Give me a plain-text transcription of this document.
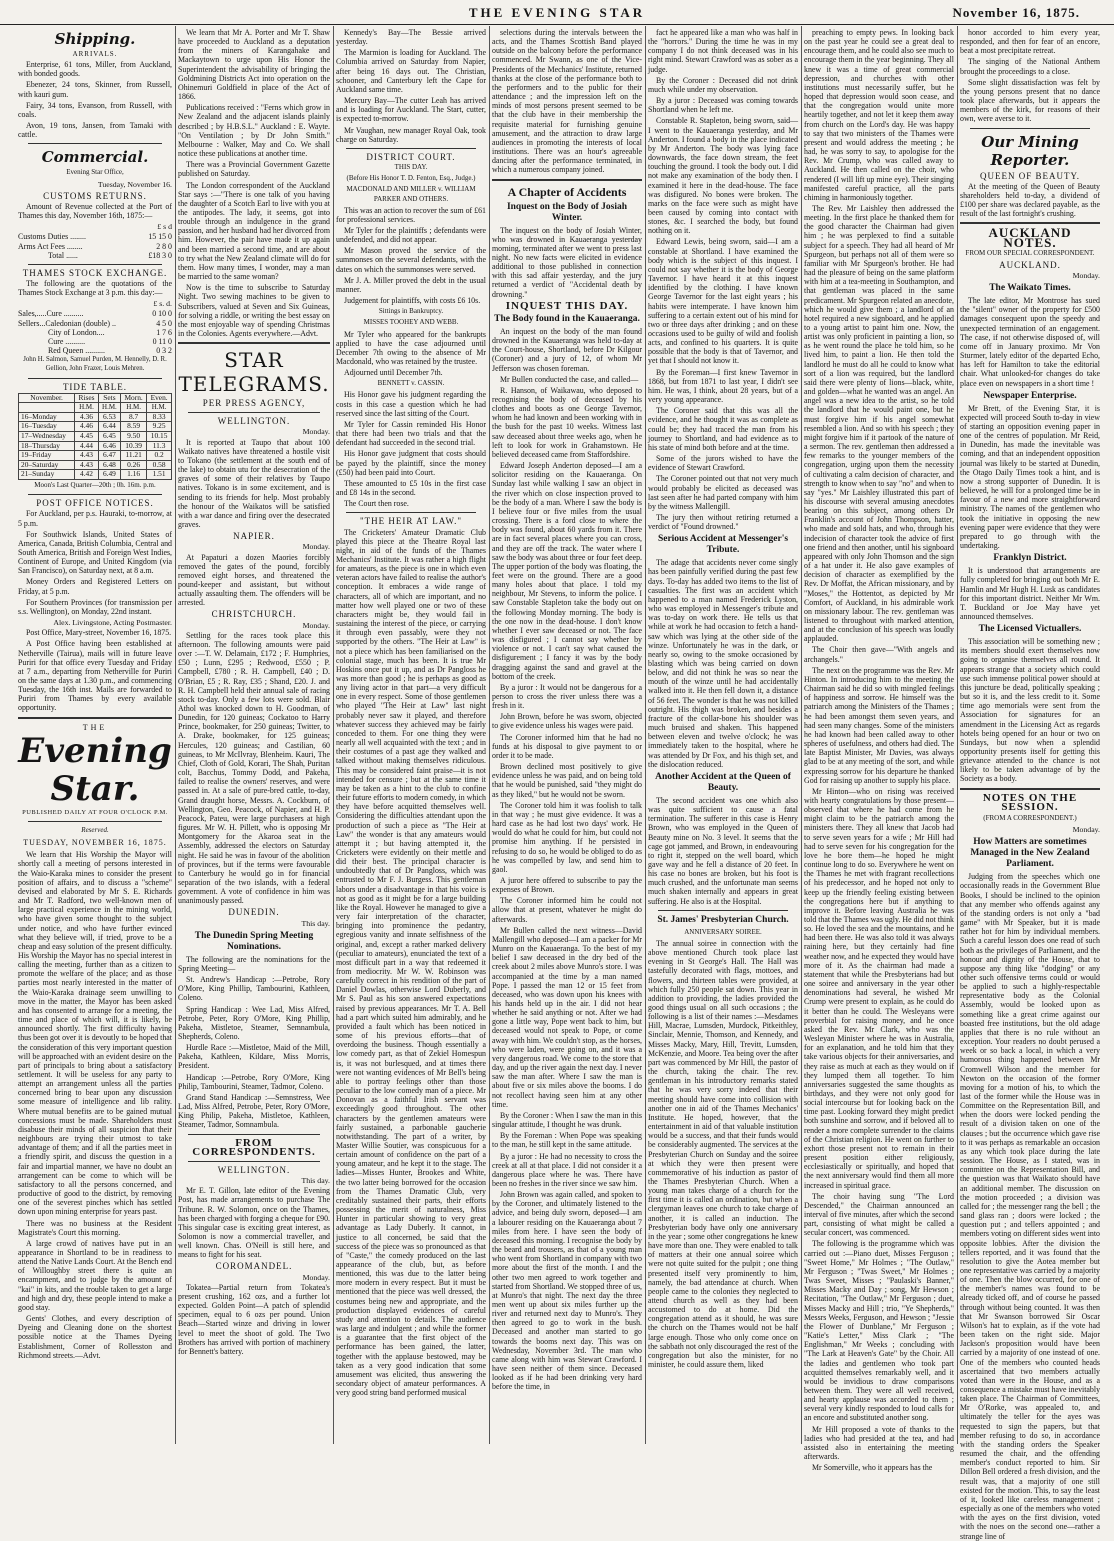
THE EVENING STAR	November 16, 1875.
Shipping.
ARRIVALS.

Enterprise, 61 tons, Miller, from Auckland, with bonded goods.

Ebenezer, 24 tons, Skinner, from Russell, with kauri gum.

Fairy, 34 tons, Evanson, from Russell, with coals.

Avon, 19 tons, Jansen, from Tamaki with cattle.

Commercial.
Evening Star Office,
Tuesday, November 16.
CUSTOMS RETURNS.

Amount of Revenue collected at the Port of Thames this day, November 16th, 1875:—

£ s d
Customs Duties ........	15 15 0
Arms Act Fees ........	2 8 0
Total ......	£18 3 0
THAMES STOCK EXCHANGE.

The following are the quotations of the Thames Stock Exchange at 3 p.m. this day:—

£ s. d.
Sales,.....Cure ..........	0 10 0
Sellers...Caledonian (double) ..	4 5 0
City of London....	1 7 6
Cure ..........	0 11 0
Red Queen ..........	0 3 2

John H. Salmon, Samuel Purden, M. Hennelly, D. R. Gellion, John Frazer, Louis Mehren.

TIDE TABLE.
November.	Rises	Sets	Morn.	Even.
	H.M.	H.M.	H.M.	H.M.
16–Monday	4.36	6.53	8.7	8.33
16–Tuesday	4.46	6.44	8.59	9.25
17–Wednesday	4.45	6.45	9.50	10.15
18–Thursday	4.44	6.46	10.39	11.3
19–Friday	4.43	6.47	11.21	0.2
20–Saturday	4.43	6.48	0.26	0.58
21–Sunday	4.42	6.49	1.16	1.51
Moon's Last Quarter—20th ; 0h. 16m. p.m.
POST OFFICE NOTICES.

For Auckland, per p.s. Hauraki, to-morrow, at 5 p.m.

For Southwick Islands, United States of America, Canada, British Columbia, Central and South America, British and Foreign West Indies, Continent of Europe, and United Kingdom (via San Francisco), on Saturday next, at 8 a.m.

Money Orders and Registered Letters on Friday, at 5 p.m.

For Southern Provinces (for transmission per s.s. Wellington), on Monday, 22nd instant.

Alex. Livingstone, Acting Postmaster.

Post Office, Mary-street, November 16, 1875.

A Post Office having been established at Netherville (Tairua), mails will in future leave Puriri for that office every Tuesday and Friday at 7 a.m., departing from Netherville for Puriri on the same days at 1.30 p.m., and commencing Tuesday, the 16th inst. Mails are forwarded to Puriri from Thames by every available opportunity.

THE
Evening Star.
PUBLISHED DAILY AT FOUR O'CLOCK P.M.
Reserved.
TUESDAY, NOVEMBER 16, 1875.

We learn that His Worship the Mayor will shortly call a meeting of persons interested in the Waio-Karaka mines to consider the present position of affairs, and to discuss a "scheme" devised and elaborated by Mr S. E. Richards and Mr T. Radford, two well-known men of large practical experience in the mining world, who have given some thought to the subject under notice, and who have further evinced what they believe will, if tried, prove to be a cheap and easy solution of the present difficulty. His Worship the Mayor has no special interest in calling the meeting, further than as a citizen to promote the welfare of the place; and as those parties most nearly interested in the matter of the Waio-Karaka drainage seem unwilling to move in the matter, the Mayor has been asked and has consented to arrange for a meeting, the time and place of which will, it is likely, be announced shortly. The first difficulty having thus been got over it is devoutly to be hoped that the consideration of this very important question will be approached with an evident desire on the part of principals to bring about a satisfactory settlement. It will be useless for any party to attempt an arrangement unless all the parties concerned bring to bear upon any discussion some measure of intelligence and lib rality. Where mutual benefits are to be gained mutual concessions must be made. Shareholders must disabuse their minds of all suspicion that their neighbours are trying their utmost to take advantage of them; and if all the parties meet in a friendly spirit, and discuss the question in a fair and impartial manner, we have no doubt an arrangement can be come to which will be satisfactory to all the persons concerned, and productive of good to the district, by removing one of the severest pinches which has settled down upon mining enterprise for years past.

There was no business at the Resident Magistrate's Court this morning.

A large crowd of natives have put in an appearance in Shortland to be in readiness to attend the Native Lands Court. At the Bench end of Willoughby street there is quite an encampment, and to judge by the amount of "kai" in kits, and the trouble taken to get a large and high and dry, these people intend to make a good stay.

Gents' Clothes, and every description of Dyeing and Cleaning done on the shortest possible notice at the Thames Dyeing Establishment, Corner of Rollesston and Richmond streets.—Advt.

We learn that Mr A. Porter and Mr T. Shaw have proceeded to Auckland as a deputation from the miners of Karangahake and Mackaytown to urge upon His Honor the Superintendent the advisability of bringing the Goldmining Districts Act into operation on the Ohinemuri Goldfield in place of the Act of 1866.

Publications received : "Ferns which grow in New Zealand and the adjacent islands plainly described ; by H.B.S.L." Auckland : E. Wayte. "On Ventilation ; by Dr John Smith." Melbourne : Walker, May and Co. We shall notice these publications at another time.

There was a Provincial Government Gazette published on Saturday.

The London correspondent of the Auckland Star says :—"There is one talk of you having the daughter of a Scotch Earl to live with you at the antipodes. The lady, it seems, got into trouble through an indulgence in the grand passion, and her husband had her divorced from him. However, the pair have made it up again and been married a second time, and are about to try what the New Zealand climate will do for them. How many times, I wonder, may a man be married to the same woman?

Now is the time to subscribe to Saturday Night. Two sewing machines to be given to Subscribers, valued at Seven and Six Guineas, for solving a riddle, or writing the best essay on the most enjoyable way of spending Christmas in the Colonies. Agents everywhere.—Advt.

STAR TELEGRAMS.
PER PRESS AGENCY,
WELLINGTON.
Monday.

It is reported at Taupo that about 100 Waikato natives have threatened a hostile visit to Tokano (the settlement at the south end of the lake) to obtain utu for the desecration of the graves of some of their relatives by Taupo natives. Tokano is in some excitement, and is sending to its friends for help. Most probably the honour of the Waikatos will be satisfied with a war dance and firing over the desecrated graves.

NAPIER.
Monday.

At Papaturi a dozen Maories forcibly removed the gates of the pound, forcibly removed eight horses, and threatened the pound-keeper and assistant, but without actually assaulting them. The offenders will be arrested.

CHRISTCHURCH.
Monday.

Settling for the races took place this afternoon. The following amounts were paid over :—T. W. Delamain, £172 ; F. Humphries, £50 ; Lunn, £295 ; Redwood, £550 ; P. Campbell, £780 ; R. H. Campbell, £40 ; D. O'Brian, £5 ; R. Ray, £35 ; Shand, £20. J. and R. H. Campbell held their annual sale of racing stock to-day. Only a few lots were sold. Blair Athol was knocked down to H. Goodman, of Dunedin, for 120 guineas; Cockatoo to Harry Prince, bookmaker, for 250 guineas; Twitter, to A. Drake, bookmaker, for 125 guineas; Hercules, 120 guineas; and Castilian, 60 guineas, to Mr McIlvray, Blenheim. Kauri, The Chief, Cloth of Gold, Korari, The Shah, Puritan colt, Bacchus, Tommy Dodd, and Pakeha, failed to realise the owners' reserves, and were passed in. At a sale of pure-bred cattle, to-day, Grand draught horse, Messrs. A. Cockburn, of Wellington, Geo. Peacock, of Napier, and H. P. Peacock, Pateu, were large purchasers at high figures. Mr W. H. Pillett, who is opposing Mr Montgomery for the Akaroa seat in the Assembly, addressed the electors on Saturday night. He said he was in favour of the abolition of provinces, but if the terms were favourable to Canterbury he would go in for financial separation of the two islands, with a federal government. A vote of confidence in him was unanimously passed.

DUNEDIN.
This day.
The Dunedin Spring Meeting Nominations.

The following are the nominations for the Spring Meeting—

St. Andrew's Handicap :—Petrobe, Rory O'More, King Phillip, Tambourini, Kathleen, Coleno.

Spring Handicap : Wee Lad, Miss Alfred, Petrobe, Peter, Rory O'More, King Phillip, Pakeha, Mistletoe, Steamer, Semnambula, Shepherds, Coleno.

Hurdle Race :—Mistletoe, Maid of the Mill, Pakeha, Kathleen, Kildare, Miss Morris, President.

Handicap :—Petrobe, Rory O'More, King Philip, Tambourini, Steamer, Tadmor, Coleno.

Grand Stand Handicap :—Semnstress, Wee Lad, Miss Alfred, Petrobe, Peter, Rory O'More, King Philip, Pakeha, Mistletoe, Kathleen, Steamer, Tadmor, Somnambula.

FROM CORRESPONDENTS.
WELLINGTON.
This day.

Mr E. T. Gillon, late editor of the Evening Post, has made arrangements to purchase The Tribune. R. W. Solomon, once on the Thames, has been charged with forging a cheque for £90. This singular case is exciting great interest, as Solomon is now a commercial traveller, and well known. Chas. O'Neill is still here, and means to fight for his seat.

COROMANDEL.
Monday.

Tokatea—Partial return from Tokatea's present crushing, 162 ozs, and a further lot expected. Golden Point—A patch of splendid specimen, equal to 6 ozs per pound. Union Beach—Started winze and driving in lower level to meet the shoot of gold. The Two Brothers has arrived with portion of machinery for Bennett's battery.

Kennedy's Bay—The Bessie arrived yesterday.

The Marmion is loading for Auckland. The Columbia arrived on Saturday from Napier, after being 16 days out. The Christian, schooner, and Canterbury left the Cape for Auckland same time.

Mercury Bay—The cutter Leah has arrived and is loading for Auckland. The Start, cutter, is expected to-morrow.

Mr Vaughan, new manager Royal Oak, took charge on Saturday.

DISTRICT COURT.
THIS DAY.
(Before His Honor T. D. Fenton, Esq., Judge.)
MACDONALD AND MILLER v. WILLIAM PARKER AND OTHERS.

This was an action to recover the sum of £61 for professional services.

Mr Tyler for the plaintiffs ; defendants were undefended, and did not appear.

Mr Mason proved the service of the summonses on the several defendants, with the dates on which the summonses were served.

Mr J. A. Miller proved the debt in the usual manner.

Judgement for plaintiffs, with costs £6 10s.

Sittings in Bankruptcy.
MISSES TOOHEY AND WEBB.

Mr Tyler who appeared for the bankrupts applied to have the case adjourned until December 7th owing to the absence of Mr Macdonald, who was retained by the trustee.

Adjourned until December 7th.

BENNETT v. CASSIN.

His Honor gave his judgment regarding the costs in this case a question which he had reserved since the last sitting of the Court.

Mr Tyler for Cassin reminded His Honor that there had been two trials and that the defendant had succeeded in the second trial.

His Honor gave judgment that costs should be payed by the plaintiff, since the money (£50) had been paid into Court.

These amounted to £5 10s in the first case and £8 14s in the second.

The Court then rose.

"THE HEIR AT LAW."

The Cricketers' Amateur Dramatic Club played this piece at the Theatre Royal last night, in aid of the funds of the Thames Mechanics' Institute. It was rather a high flight for amateurs, as the piece is one in which even veteran actors have failed to realise the author's conception. It embraces a wide range of characters, all of which are important, and no matter how well played one or two of these characters might be, they would fail in sustaining the interest of the piece, or carrying it through even passably, were they not supported by the others. "The Heir at Law" is not a piece which has been familiarised on the colonial stage, much has been. It is true Mr Hoskins once put it up, and as Dr Pangloss he was more than good ; he is perhaps as good as any living actor in that part—a very difficult one in every respect. Some of those gentlemen who played "The Heir at Law" last night probably never saw it played, and therefore whatever success they achieved may be fairly conceded to them. For one thing they were nearly all well acquainted with the text ; and in their costumes of a past age they walked and talked without making themselves ridiculous. This may be considered faint praise—it is not intended for censure ; but at the same time it may be taken as a hint to the club to confine their future efforts to modern comedy, in which they have before acquitted themselves well. Considering the difficulties attendant upon the production of such a piece as "The Heir at Law" the wonder is that any amateurs would attempt it ; but having attempted it, the Cricketers were evidently on their mettle and did their best. The principal character is undoubtedly that of Dr Pangloss, which was entrusted to Mr F. J. Burgess. This gentleman labors under a disadvantage in that his voice is not as good as it might be for a large building like the Royal. However he managed to give a very fair interpretation of the character, bringing into prominence the pedantry, egregious vanity and innate selfishness of the original, and, except a rather marked delivery (peculiar to amateurs), enunciated the text of a most difficult part in a way that redeemed it from mediocrity. Mr W. W. Robinson was carefully correct in his rendition of the part of Daniel Dowlas, otherwise Lord Duberly, and Mr S. Paul as his son answered expectations raised by previous appearances. Mr T. A. Bell had a part which suited him admirably, and he provided a fault which has been noticed in some of his previous efforts—that of overdoing the business. Though essentially a low comedy part, as that of Zekiel Homespun is, it was not burlesqued, and at times there were not wanting evidences of Mr Bell's being able to portray feelings other than those peculiar to the low comedy man of a piece. Mr Donovan as a faithful Irish servant was exceedingly good throughout. The other characters by the gentlemen amateurs were fairly sustained, a parbonable gaucherie notwithstanding. The part of a writer, by Master Willie Soutier, was conspicuous for a certain amount of confidence on the part of a young amateur, and he kept it to the stage. The ladies—Misses Hunter, Brookes and White, the two latter being borrowed for the occasion from the Thames Dramatic Club, very creditably sustained their parts, their efforts possessing the merit of naturalness, Miss Hunter in particular showing to very great advantage as Lady Duberly. It cannot, in justice to all concerned, be said that the success of the piece was so pronounced as that of "Caste," the comedy produced on the last appearance of the club, but, as before mentioned, this was due to the latter being more modern in every respect. But it must be mentioned that the piece was well dressed, the costumes being new and appropriate, and the production displayed evidences of careful study and attention to details. The audience was large and indulgent ; and while the former is a guarantee that the first object of the performance has been gained, the latter, together with the applause bestowed, may be taken as a very good indication that some amusement was elicited, thus answering the secondary object of amateur performances. A very good string band performed musical

selections during the intervals between the acts, and the Thames Scottish Band played outside on the balcony before the performance commenced. Mr Swann, as one of the Vice-Presidents of the Mechanics' Institute, returned thanks at the close of the performance both to the performers and to the public for their attendance ; and the impression left on the minds of most persons present seemed to be that the club have in their membership the requisite material for furnishing genuine amusement, and the attraction to draw large audiences in promoting the interests of local institutions. There was an hour's agreeable dancing after the performance terminated, in which a numerous company joined.

A Chapter of Accidents
Inquest on the Body of Josiah Winter.

The inquest on the body of Josiah Winter, who was drowned in Kauaeranga yesterday morning, terminated after we went to press last night. No new facts were elicited in evidence additional to those published in connection with this sad affair yesterday, and the jury returned a verdict of "Accidental death by drowning."

INQUEST THIS DAY.
The Body found in the Kauaeranga.

An inquest on the body of the man found drowned in the Kauaeranga was held to-day at the Court-house, Shortland, before Dr Kilgour (Coroner) and a jury of 12, of whom Mr Jefferson was chosen foreman.

Mr Bullen conducted the case, and called—

R. Hanson, of Waikawau, who deposed to recognising the body of deceased by his clothes and boots as one George Tavernor, whom he had known and been working with in the bush for the past 10 weeks. Witness last saw deceased about three weeks ago, when he left to look for work in Grahamstown. He believed deceased came from Staffordshire.

Edward Joseph Anderton deposed—I am a solicitor residing on the Kauaeranga. On Sunday last while walking I saw an object in the river which on close inspection proved to be the body of a man. Where I saw the body is I believe four or five miles from the usual crossing. There is a ford close to where the body was found, about 60 yards from it. There are in fact several places where you can cross, and they are off the track. The water where I saw the body was about three or four feet deep. The upper portion of the body was floating, the feet were on the ground. There are a good many holes about that place. I told my neighbour, Mr Stevens, to inform the police. I saw Constable Stapleton take the body out on the following Monday morning. The body is the one now in the dead-house. I don't know whether I ever saw deceased or not. The face was disfigured ; I cannot say whether by violence or not. I can't say what caused the disfigurement ; I fancy it was by the body dragging against the sand and gravel at the bottom of the creek.

By a juror : It would not be dangerous for a person to cross the river unless there was a fresh in it.

John Brown, before he was sworn, objected to give evidence unless his wages were paid.

The Coroner informed him that he had no funds at his disposal to give payment to or order it to be made.

Brown declined most positively to give evidence unless he was paid, and on being told that he would be punished, said "they might do as they liked," but he would not be sworn.

The Coroner told him it was foolish to talk in that way ; he must give evidence. It was a hard case as he had lost two days' work. He would do what he could for him, but could not promise him anything. If he persisted in refusing to do so, he would be obliged to do as he was compelled by law, and send him to gaol.

A juror here offered to subscribe to pay the expenses of Brown.

The Coroner informed him he could not allow that at present, whatever he might do afterwards.

Mr Bullen called the next witness—David Mallengill who deposed—I am a packer for Mr Munro on the Kauaeranga. To the best of my belief I saw deceased in the dry bed of the creek about 2 miles above Munro's store. I was accompanied at the time by a man named Pope. I passed the man 12 or 15 feet from deceased, who was down upon his knees with his hands held up in the air. I did not hear whether he said anything or not. After we had gone a little way, Pope went back to him, but deceased would not speak to Pope, or come away with him. We couldn't stop, as the horses, who were laden, were going on, and it was a very dangerous road. We come to the store that day, and up the river again the next day. I never saw the man after. Where I saw the man is about five or six miles above the booms. I do not recollect having seen him at any other time.

By the Coroner : When I saw the man in this singular attitude, I thought he was drunk.

By the Foreman : When Pope was speaking to the man, he still kept in the same attitude.

By a juror : He had no necessity to cross the creek at all at that place. I did not consider it a dangerous place where he was. There have been no freshes in the river since we saw him.

John Brown was again called, and spoken to by the Coroner, and ultimately listened to the advice, and being duly sworn, deposed—I am a labourer residing on the Kauaeranga about 7 miles from here. I have seen the body of deceased this morning. I recognise the body by the beard and trousers, as that of a young man who went from Shortland in company with two more about the first of the month. I and the other two men agreed to work together and started from Shortland. We stopped three of us, at Munro's that night. The next day the three men went up about six miles further up the river and returned next day to Munro's. They then agreed to go to work in the bush. Deceased and another man started to go towards the booms next day. This was on Wednesday, November 3rd. The man who came along with him was Stewart Crawford. I have seen neither of them since. Deceased looked as if he had been drinking very hard before the time, in

fact he appeared like a man who was half in the "horrors." During the time he was in my company I do not think deceased was in his right mind. Stewart Crawford was as sober as a judge.

By the Coroner : Deceased did not drink much while under my observation.

By a juror : Deceased was coming towards Shortland when he left me.

Constable R. Stapleton, being sworn, said—I went to the Kauaeranga yesterday, and Mr Anderton. I found a body in the place indicated by Mr Anderton. The body was lying face downwards, the face down stream, the feet touching the ground. I took the body out. I did not make any examination of the body then. I examined it here in the dead-house. The face was disfigured. No bones were broken. The marks on the face were such as might have been caused by coming into contact with stones, &c. I searched the body, but found nothing on it.

Edward Lewis, being sworn, said—I am a constable at Shortland. I have examined the body which is the subject of this inquest. I could not say whether it is the body of George Tavernor. I have heard it at this inquest identified by the clothing. I have known George Tavernor for the last eight years ; his habits were intemperate. I have known him suffering to a certain extent out of his mind for two or three days after drinking ; and on these occasions used to be guilty of wild and foolish acts, and confined to his quarters. It is quite possible that the body is that of Tavernor, and yet that I should not know it.

By the Foreman—I first knew Tavernor in 1868, but from 1871 to last year, I didn't see him. He was, I think, about 28 years, but of a very young appearance.

The Coroner said that this was all the evidence, and he thought it was as complete as could be; they had traced the man from his journey to Shortland, and had evidence as to his state of mind both before and at the time.

Some of the jurors wished to have the evidence of Stewart Crawford.

The Coroner pointed out that not very much would probably be elicited as deceased was last seen after he had parted company with him by the witness Mallengill.

The jury then without retiring returned a verdict of "Found drowned."

Serious Accident at Messenger's Tribute.

The adage that accidents never come singly has been painfully verified during the past few days. To-day has added two items to the list of casualties. The first was an accident which happened to a man named Frederick Lyston, who was employed in Messenger's tribute and was to-day on work there. He tells us that while at work he had occasion to fetch a hand-saw which was lying at the other side of the winze. Unfortunately he was in the dark, or nearly so, owing to the smoke occasioned by blasting which was being carried on down below, and did not think he was so near the mouth of the winze until he had accidentally walked into it. He then fell down it, a distance of 56 feet. The wonder is that he was not killed outright. His thigh was broken, and besides a fracture of the collar-bone his shoulder was much bruised and shaken. This happened between eleven and twelve o'clock; he was immediately taken to the hospital, where he was attended by Dr Fox, and his thigh set, and the dislocation reduced.

Another Accident at the Queen of Beauty.

The second accident was one which also was quite sufficient to cause a fatal termination. The sufferer in this case is Henry Brown, who was employed in the Queen of Beauty mine on No. 3 level. It seems that the cage got jammed, and Brown, in endeavouring to right it, stepped on the well board, which gave way and he fell a distance of 20 feet. In his case no bones are broken, but his foot is much crushed, and the unfortunate man seems much shaken internally and appears in great suffering. He also is at the Hospital.

St. James' Presbyterian Church.
ANNIVERSARY SOIREE.

The annual soiree in connection with the above mentioned Church took place last evening in St George's Hall. The Hall was tastefully decorated with flags, mottoes, and flowers, and thirteen tables were provided, at which fully 250 people sat down. This year in addition to providing, the ladies provided the good things usual on all such occasions ; the following is a list of their names :—Mesdames Hill, Macrae, Lumsden, Murdock, Pitkeithley, Sinclair, Mennie, Thomson, and Kennedy, and Misses Macky, Mary, Hill, Trevitt, Lumsden, McKenzie, and Moore. Tea being over the after part was commenced by Mr Hill, the pastor of the church, taking the chair. The rev. gentleman in his introductory remarks stated that he was very sorry indeed that their meeting should have come into collision with another one in aid of the Thames Mechanics' Institute. He hoped, however, that the entertainment in aid of that valuable institution would be a success, and that their funds would be considerably augmented. The services at the Presbyterian Church on Sunday and the soiree at which they were then present were commemorative of his induction as pastor of the Thames Presbyterian Church. When a young man takes charge of a church for the first time it is called an ordination, but when a clergyman leaves one church to take charge of another, it is called an induction. The Presbyterian body have only one anniversary in the year ; some other congregations he knew have more than one. They were enabled to talk of matters at their one annual soiree which were not quite suited for the pulpit ; one thing presented itself very prominently to him, namely, the bad attendance at church. When people came to the colonies they neglected to attend church as well as they had been accustomed to do at home. Did the congregation attend as it should, he was sure the church on the Thames would not be half large enough. Those who only come once on the sabbath not only discouraged the rest of the congregation but also the minister, for no minister, he could assure them, liked

preaching to empty pews. In looking back on the past year he could see a great deal to encourage them, and he could also see much to encourage them in the year beginning. They all knew it was a time of great commercial depression, and churches with other institutions must necessarily suffer, but he hoped that depression would soon cease, and that the congregation would unite more heartily together, and not let it keep them away from church on the Lord's day. He was happy to say that two ministers of the Thames were present and would address the meeting ; he had, he was sorry to say, to apologise for the Rev. Mr Crump, who was called away to Auckland. He then called on the choir, who rendered (I will lift up mine eye). Their singing manifested careful practice, all the parts chiming in harmoniously together.

The Rev. Mr Laishley then addressed the meeting. In the first place he thanked them for the good character the Chairman had given him ; he was perplexed to find a suitable subject for a speech. They had all heard of Mr Spurgeon, but perhaps not all of them were so familiar with Mr Spurgeon's brother. He had had the pleasure of being on the same platform with him at a tea-meeting in Southampton, and that gentleman was placed in the same predicament. Mr Spurgeon related an anecdote, which he would give them ; a landlord of an hotel required a new signboard, and he applied to a young artist to paint him one. Now, the artist was only proficient in painting a lion, so as he went round the place he told him, so he lived him, to paint a lion. He then told the landlord he must do all he could to know what sort of a lion was required, but the landlord said there were plenty of lions—black, white, and golden—what he wanted was an angel. An angel was a new idea to the artist, so he told the landlord that he would paint one, but he must forgive him if his angel somewhat resembled a lion. And so with his speech ; they might forgive him if it partook of the nature of a sermon. The rev. gentleman then addressed a few remarks to the younger members of the congregation, urging upon them the necessity of cultivating a calm decision of character, and strength to know when to say "no" and when to say "yes." Mr Laishley illustrated this part of his discourse with several amusing anecdotes bearing on this subject, among others Dr Franklin's account of John Thompson, hatter, who made and sold hats, and who, through his indecision of character took the advice of first one friend and then another, until his signboard appeared with only John Thomson and the sign of a hat under it. He also gave examples of decision of character as exemplified by the Rev. Dr Moffat, the African missionary, and by "Moses," the Hottentot, as depicted by Mr Comfort, of Auckland, in his admirable work on missionary labour. The rev. gentleman was listened to throughout with marked attention, and at the conclusion of his speech was loudly applauded.

The Choir then gave—"With angels and archangels."

The next on the programme was the Rev. Mr Hinton. In introducing him to the meeting the Chairman said he did so with mingled feelings of happiness and sorrow. He himself was the patriarch among the Ministers of the Thames ; he had been amongst them seven years, and had seen many changes. Some of the ministers he had known had been called away to other spheres of usefulness, and others had died. The late Baptist Minister, Mr Davies, was always glad to be at any meeting of the sort, and while expressing sorrow for his departure he thanked God for raising up another to supply his place.

Mr Hinton—who on rising was received with hearty congratulations by those present—observed that where he had come from he might claim to be the patriarch among the ministers there. They all knew that Jacob had to serve seven years for a wife ; Mr Hill had had to serve seven for his congregation for the love he bore them—he hoped he might continue long to do so. Everywhere he went on the Thames he met with fragrant recollections of his predecessor, and he hoped not only to keep up the friendly feeling existing between the congregations here but if anything to improve it. Before leaving Australia he was told that the Thames was ugly. He did not think so. He loved the sea and the mountains, and he had been there. He was also told it was always raining here, but they certainly had fine weather now, and he expected they would have more of it. As the chairman had made a statement that while the Presbyterians had but one soiree and anniversary in the year other denominations had several, he wished Mr Crump were present to explain, as he could do it better than he could. The Wesleyans were proverbial for raising money, and he once asked the Rev. Mr Clark, who was the Wesleyan Minister where he was in Australia, for an explanation, and he told him that they take various objects for their anniversaries, and they raise as much at each as they would on if they lumped them all together. To him anniversaries suggested the same thoughts as birthdays, and they were not only good for social intercourse but for looking back on the time past. Looking forward they might predict both sunshine and sorrow, and if beloved all to render a more complete surrender to the claims of the Christian religion. He went on further to exhort those present not to remain in their present position either religiously, ecclesiastically or spiritually, and hoped that the next anniversary would find them all more increased in spiritual grace.

The choir having sung "The Lord Descended," the Chairman announced an interval of five minutes, after which the second part, consisting of what might be called a secular concert, was commenced.

The following is the programme which was carried out :—Piano duet, Misses Ferguson ; "Sweet Home," Mr Holmes ; "The Outlaw," Mr Ferguson ; "Twas Sweet," Mr Holmes ; Twas Sweet, Misses ; "Paulaski's Banner," Misses Macky and Day ; song, Mr Hewson ; Recitation, "The Outlaw," Mr Ferguson ; duet, Misses Macky and Hill ; trio, "Ye Shepherds," Messrs Weeks, Ferguson, and Hewson ; "Jessie the Flower of Dunblane," Mr Ferguson ; "Katie's Letter," Miss Clark ; "The Englishman," Mr Weeks ; concluding with "The Lark at Heaven's Gate" by the Choir. All the ladies and gentlemen who took part acquitted themselves remarkably well, and it would be invidious to draw comparisons between them. They were all well received, and hearty applause was accorded to them ; several very kindly responded to loud calls for an encore and substituted another song.

Mr Hill proposed a vote of thanks to the ladies who had presided at the tea, and had assisted also in entertaining the meeting afterwards.

Mr Somerville, who it appears has the

honor accorded to him every year, responded, and then for fear of an encore, beat a most precipitate retreat.

The singing of the National Anthem brought the proceedings to a close.

Some slight dissatisfaction was felt by the young persons present that no dance took place afterwards, but it appears the members of the kirk, for reasons of their own, were averse to it.

Our Mining Reporter.
QUEEN OF BEAUTY.

At the meeting of the Queen of Beauty shareholders held to-day, a dividend of £100 per share was declared payable, as the result of the last fortnight's crushing.

AUCKLAND NOTES.
FROM OUR SPECIAL CORRESPONDENT.
AUCKLAND.
Monday.
The Waikato Times.

The late editor, Mr Montrose has sued the "silent" owner of the property for £500 damages consequent upon the speedy and unexpected termination of an engagement. The case, if not otherwise disposed of, will come off in January proximo. Mr Von Sturmer, lately editor of the departed Echo, has left for Hamilton to take the editorial chair. What unlooked-for changes do take place even on newspapers in a short time !

Newspaper Enterprise.

Mr Brett, of the Evening Star, it is expected will proceed South to-day in view of starting an opposition evening paper in one of the centres of population. Mr Reid, in Dunedin, has made the inevitable was coming, and that an independent opposition journal was likely to be started at Dunedin, the Otago Daily Times took a hint, and is now a strong supporter of Dunedin. It is believed, he will for a prolonged time be in favour of a new and more straightforward ministry. The names of the gentlemen who took the initiative in opposing the new evening paper were evidence that they were prepared to go through with the undertaking.

Franklyn District.

It is understood that arrangements are fully completed for bringing out both Mr E. Hamlin and Mr Hugh H. Lusk as candidates for this important district. Neither Mr Wm. T. Buckland or Joe May have yet announced themselves.

The Licensed Victuallers.

This association will be something new ; its members should exert themselves now going to organise themselves all round. It appears strange that a society which could use such immense political power should at this juncture be dead, politically speaking ; but so it is, and the less credit to it. Some time ago memorials were sent from the Association for signatures for an amendment in the Licensing Act as regards hotels being opened for an hour or two on Sundays, but now when a splendid opportunity presents itself for getting this grievance attended to the chance is not likely to be taken advantage of by the Society as a body.

NOTES ON THE SESSION.
(FROM A CORRESPONDENT.)
Monday.
How Matters are sometimes Managed in the New Zealand Parliament.

Judging from the speeches which one occasionally reads in the Government Blue Books, I should be inclined to the opinion that any member who offends against any of the standing orders is not only a "bad game" with Mr Speaker, but it is made rather hot for him by individual members. Such a careful lesson does one read of such both as the privileges of Parliament, and the honour and dignity of the House, that to suppose any thing like "dodging" or any other such offensive terms could or would be applied to such a highly-respectable representative body as the Colonial Assembly, would be looked upon as something like a great crime against our boasted free institutions, but the old adage applies that there is no rule without an exception. Your readers no doubt perused a week or so back a local, in which a very humorous thing happened between Mr Cromwell Wilson and the member for Newton on the occasion of the former moving for a motion of his, to which the last of the former while the House was in Committee on the Representation Bill, and when the doors were locked pending the result of a division taken on one of the clauses ; but the occurrence which gave rise to it was perhaps as remarkable an occasion as any which took place during the late session. The House, as I stated, was in committee on the Representation Bill, and the question was that Waikato should have an additional member. The discussion on the motion proceeded ; a division was called for ; the messenger rang the bell ; the sand glass ran ; doors were locked ; the question put ; and tellers appointed ; and members voting on different sides went into opposite lobbies. After the division the tellers reported, and it was found that the resolution to give the Aotea member but one representative was carried by a majority of one. Then the blow occurred, for one of the member's names was found to be already ticked off, and of course he passed through without being counted. It was then that Mr Swanson borrowed Sir Oscar Wilson's hat to explain, as if the vote had been taken on the right side. Major Jackson's proposition would have been carried by a majority of one instead of one. One of the members who counted heads ascertained that two members actually voted than were in the House, and as a consequence a mistake must have inevitably taken place. The Chairman of Committees, Mr O'Rorke, was appealed to, and ultimately the teller for the ayes was requested to sign the papers, but that member refusing to do so, in accordance with the standing orders the Speaker resumed the chair, and the offending member's conduct reported to him. Sir Dillon Bell ordered a fresh division, and the result was, that a majority of one still existed for the motion. This, to say the least of it, looked like careless management ; especially as one of the members who voted with the ayes on the first division, voted with the noes on the second one—rather a strange line of
